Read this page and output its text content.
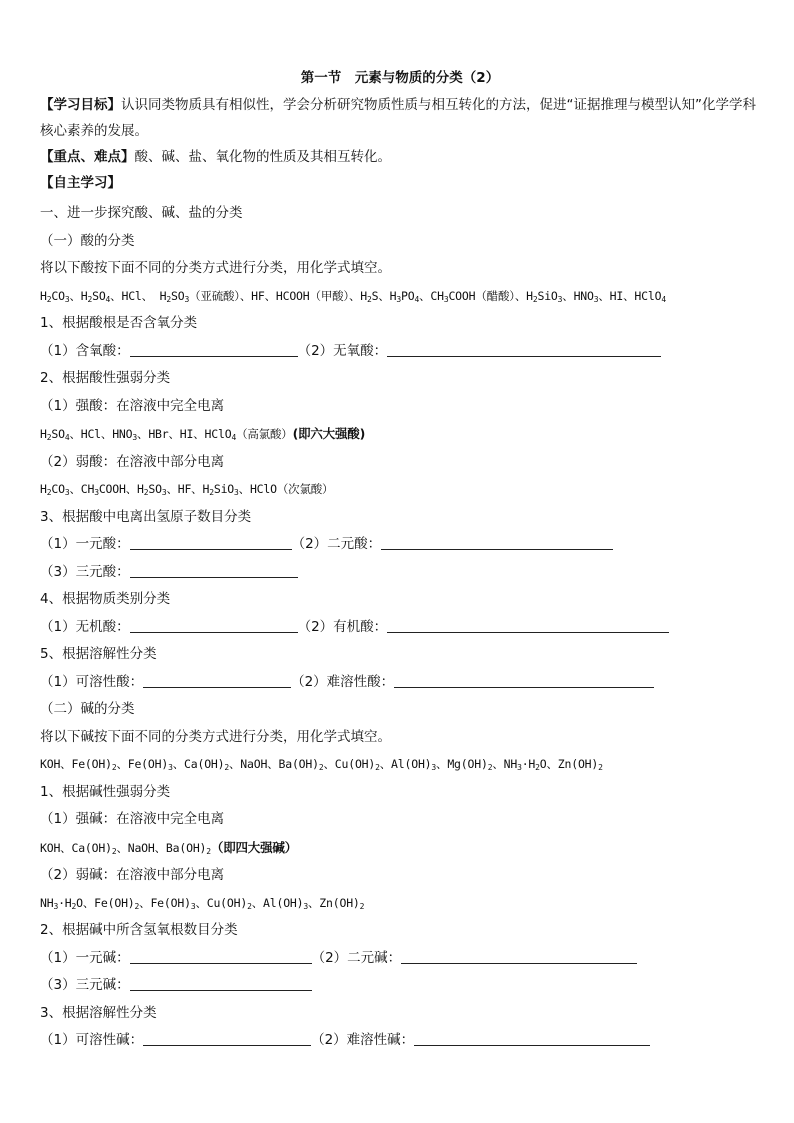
第一节　元素与物质的分类（2）

【学习目标】认识同类物质具有相似性，学会分析研究物质性质与相互转化的方法，促进“证据推理与模型认知”化学学科核心素养的发展。

【重点、难点】酸、碱、盐、氧化物的性质及其相互转化。

【自主学习】

一、进一步探究酸、碱、盐的分类

（一）酸的分类

将以下酸按下面不同的分类方式进行分类，用化学式填空。

$H_2CO_3$、$H_2SO_4$、HCl、 $H_2SO_3$（亚硫酸）、HF、HCOOH（甲酸）、$H_2S$、$H_3PO_4$、$CH_3COOH$（醋酸）、$H_2SiO_3$、$HNO_3$、HI、HClO$_4$

1、根据酸根是否含氧分类

（1）含氧酸：	（2）无氧酸：

2、根据酸性强弱分类

（1）强酸：在溶液中完全电离

$H_2SO_4$、HCl、$HNO_3$、HBr、HI、HClO$_4$（高氯酸）(即六大强酸)

（2）弱酸：在溶液中部分电离

$H_2CO_3$、$CH_3COOH$、$H_2SO_3$、HF、$H_2SiO_3$、HClO（次氯酸）

3、根据酸中电离出氢原子数目分类

（1）一元酸：	（2）二元酸：

（3）三元酸：

4、根据物质类别分类

（1）无机酸：	（2）有机酸：

5、根据溶解性分类

（1）可溶性酸：	（2）难溶性酸：

（二）碱的分类

将以下碱按下面不同的分类方式进行分类，用化学式填空。

KOH、$Fe(OH)_2$、$Fe(OH)_3$、$Ca(OH)_2$、NaOH、$Ba(OH)_2$、$Cu(OH)_2$、$Al(OH)_3$、$Mg(OH)_2$、$NH_3\cdot H_2O$、$Zn(OH)_2$

1、根据碱性强弱分类

（1）强碱：在溶液中完全电离

KOH、$Ca(OH)_2$、NaOH、$Ba(OH)_2$（即四大强碱）

（2）弱碱：在溶液中部分电离

$NH_3\cdot H_2O$、$Fe(OH)_2$、$Fe(OH)_3$、$Cu(OH)_2$、$Al(OH)_3$、$Zn(OH)_2$

2、根据碱中所含氢氧根数目分类

（1）一元碱：	（2）二元碱：

（3）三元碱：

3、根据溶解性分类

（1）可溶性碱：	（2）难溶性碱：
